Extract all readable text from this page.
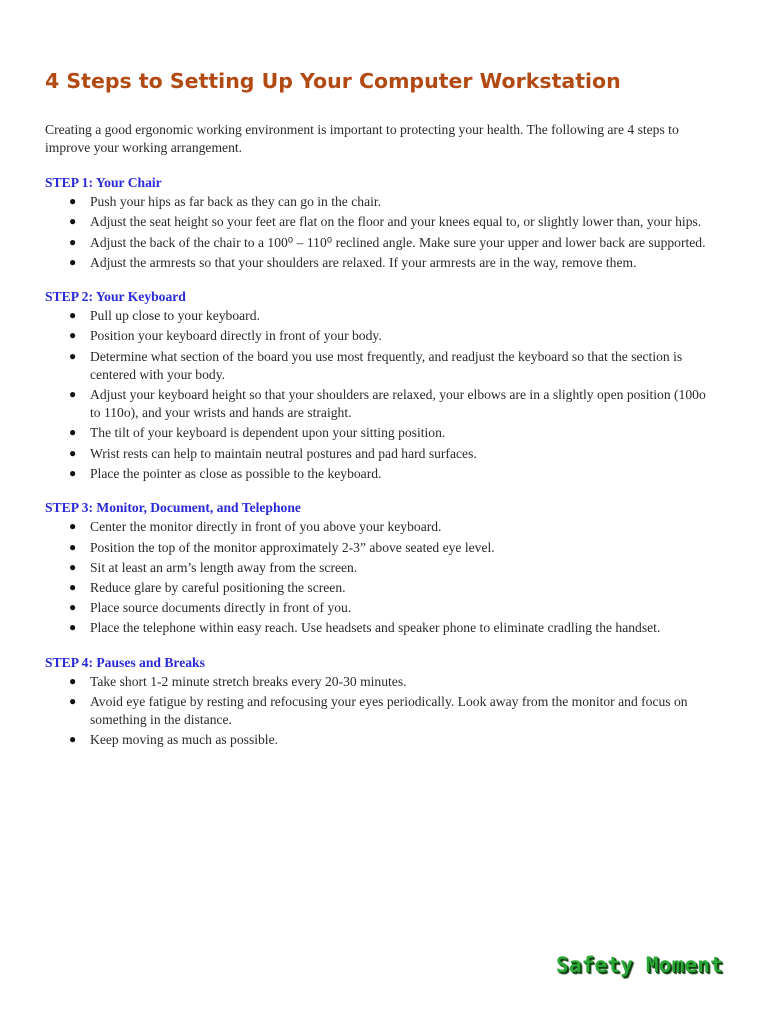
4 Steps to Setting Up Your Computer Workstation

Creating a good ergonomic working environment is important to protecting your health. The following are 4 steps to improve your working arrangement.

STEP 1: Your Chair
● Push your hips as far back as they can go in the chair.
● Adjust the seat height so your feet are flat on the floor and your knees equal to, or slightly lower than, your hips.
● Adjust the back of the chair to a 100⁰ – 110⁰ reclined angle. Make sure your upper and lower back are supported.
● Adjust the armrests so that your shoulders are relaxed. If your armrests are in the way, remove them.
STEP 2: Your Keyboard
● Pull up close to your keyboard.
● Position your keyboard directly in front of your body.
● Determine what section of the board you use most frequently, and readjust the keyboard so that the section is centered with your body.
● Adjust your keyboard height so that your shoulders are relaxed, your elbows are in a slightly open position (100o to 110o), and your wrists and hands are straight.
● The tilt of your keyboard is dependent upon your sitting position.
● Wrist rests can help to maintain neutral postures and pad hard surfaces.
● Place the pointer as close as possible to the keyboard.
STEP 3: Monitor, Document, and Telephone
● Center the monitor directly in front of you above your keyboard.
● Position the top of the monitor approximately 2-3” above seated eye level.
● Sit at least an arm’s length away from the screen.
● Reduce glare by careful positioning the screen.
● Place source documents directly in front of you.
● Place the telephone within easy reach. Use headsets and speaker phone to eliminate cradling the handset.
STEP 4: Pauses and Breaks
● Take short 1-2 minute stretch breaks every 20-30 minutes.
● Avoid eye fatigue by resting and refocusing your eyes periodically. Look away from the monitor and focus on something in the distance.
● Keep moving as much as possible.
Safety Moment
